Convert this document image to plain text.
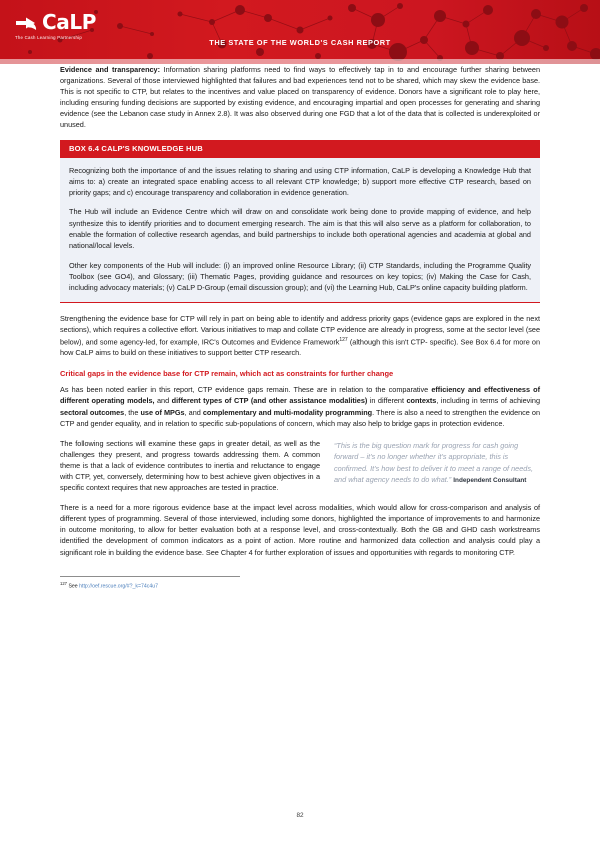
CaLP
The Cash Learning Partnership
THE STATE OF THE WORLD'S CASH REPORT

Evidence and transparency: Information sharing platforms need to find ways to effectively tap in to and encourage further sharing between organizations. Several of those interviewed highlighted that failures and bad experiences tend not to be shared, which may skew the evidence base. This is not specific to CTP, but relates to the incentives and value placed on transparency of evidence. Donors have a significant role to play here, including ensuring funding decisions are supported by existing evidence, and encouraging impartial and open processes for generating and sharing evidence (see the Lebanon case study in Annex 2.8). It was also observed during one FGD that a lot of the data that is collected is underexploited or unused.

BOX 6.4 CALP'S KNOWLEDGE HUB

Recognizing both the importance of and the issues relating to sharing and using CTP information, CaLP is developing a Knowledge Hub that aims to: a) create an integrated space enabling access to all relevant CTP knowledge; b) support more effective CTP research, based on priority gaps; and c) encourage transparency and collaboration in evidence generation.

The Hub will include an Evidence Centre which will draw on and consolidate work being done to provide mapping of evidence, and help synthesize this to identify priorities and to document emerging research. The aim is that this will also serve as a platform for collaboration, to enable the formation of collective research agendas, and build partnerships to include both operational agencies and academia at global and national/local levels.

Other key components of the Hub will include: (i) an improved online Resource Library; (ii) CTP Standards, including the Programme Quality Toolbox (see GO4), and Glossary; (iii) Thematic Pages, providing guidance and resources on key topics; (iv) Making the Case for Cash, including advocacy materials; (v) CaLP D-Group (email discussion group); and (vi) the Learning Hub, CaLP's online capacity building platform.

Strengthening the evidence base for CTP will rely in part on being able to identify and address priority gaps (evidence gaps are explored in the next sections), which requires a collective effort. Various initiatives to map and collate CTP evidence are already in progress, some at the sector level (see below), and some agency-led, for example, IRC's Outcomes and Evidence Framework$^{127}$ (although this isn't CTP- specific). See Box 6.4 for more on how CaLP aims to build on these initiatives to support better CTP research.

Critical gaps in the evidence base for CTP remain, which act as constraints for further change

As has been noted earlier in this report, CTP evidence gaps remain. These are in relation to the comparative efficiency and effectiveness of different operating models, and different types of CTP (and other assistance modalities) in different contexts, including in terms of achieving sectoral outcomes, the use of MPGs, and complementary and multi-modality programming. There is also a need to strengthen the evidence on CTP and gender equality, and in relation to specific sub-populations of concern, which may also help to bridge gaps in protection evidence.

“This is the big question mark for progress for cash going forward – it’s no longer whether it’s appropriate, this is confirmed. It’s how best to deliver it to meet a range of needs, and what agency needs to do what.” Independent Consultant

The following sections will examine these gaps in greater detail, as well as the challenges they present, and progress towards addressing them. A common theme is that a lack of evidence contributes to inertia and reluctance to engage with CTP, yet, conversely, determining how to best achieve given objectives in a specific context requires that new approaches are tested in practice.

There is a need for a more rigorous evidence base at the impact level across modalities, which would allow for cross-comparison and analysis of different types of programming. Several of those interviewed, including some donors, highlighted the importance of improvements to and harmonize in outcome monitoring, to allow for better evaluation both at a response level, and cross-contextually. Both the GB and GHD cash workstreams identified the development of common indicators as a point of action. More routine and harmonized data collection and analysis could play a significant role in building the evidence base. See Chapter 4 for further exploration of issues and opportunities with regards to monitoring CTP.

$^{127}$ See http://oef.rescue.org/#?_k=74c4u7

82
